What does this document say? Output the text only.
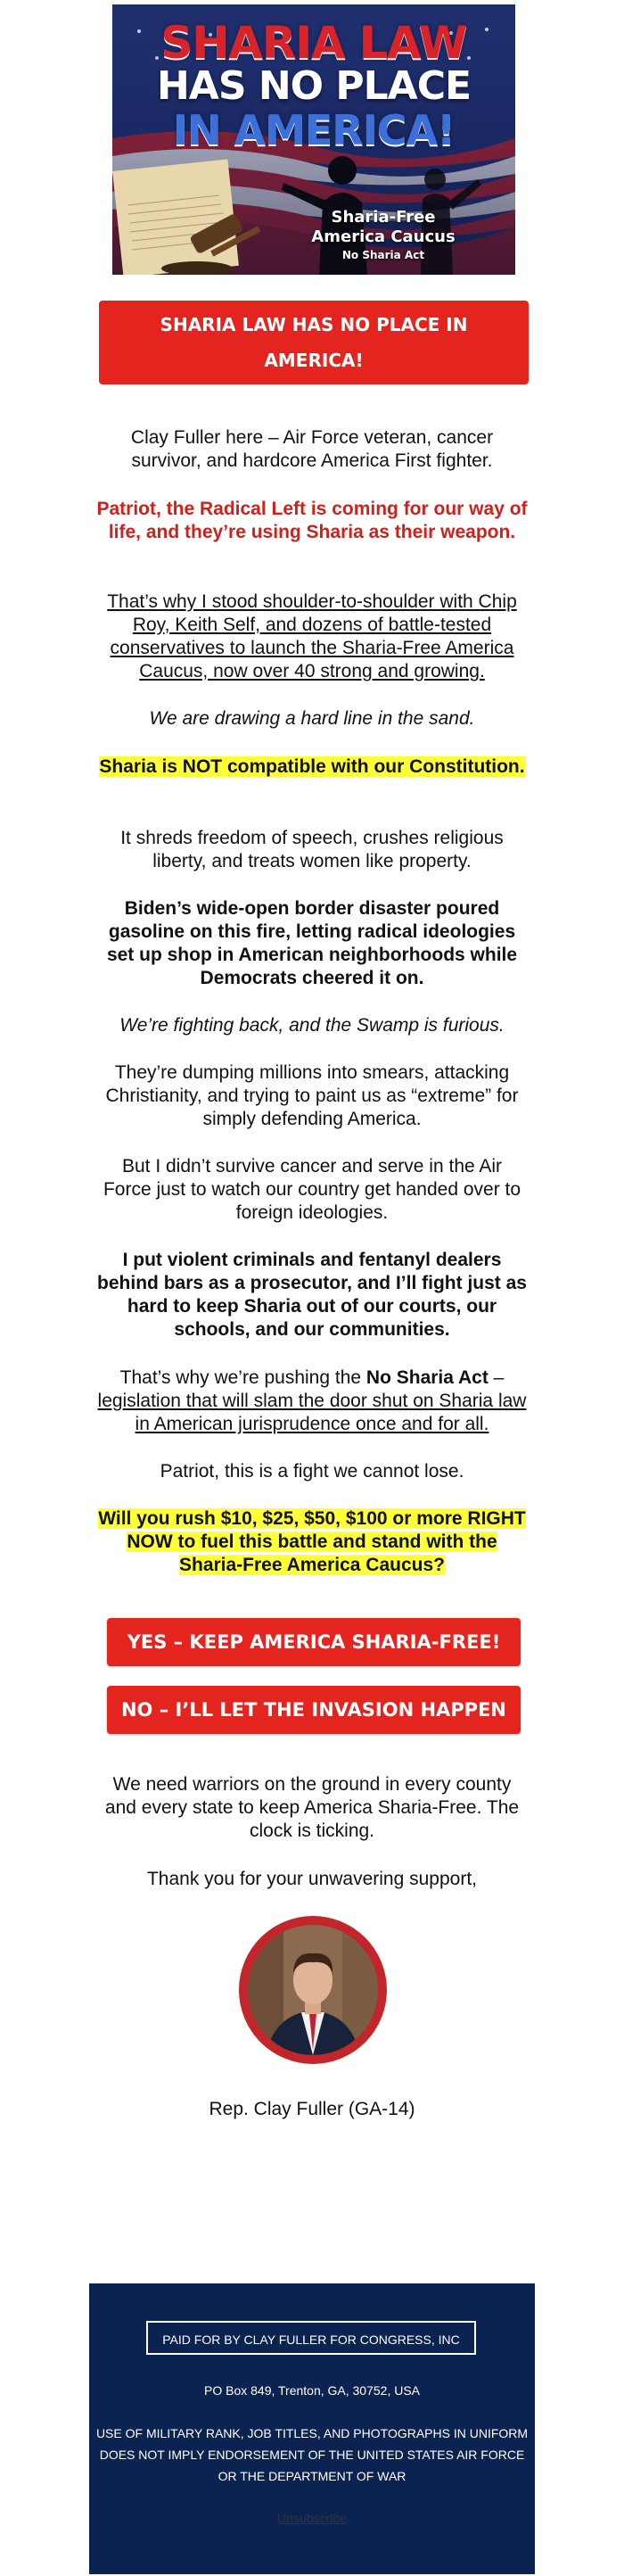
SHARIA LAW
HAS NO PLACE
IN AMERICA!
Sharia-Free
America Caucus
No Sharia Act
SHARIA LAW HAS NO PLACE IN AMERICA!
Clay Fuller here – Air Force veteran, cancer survivor, and hardcore America First fighter.
Patriot, the Radical Left is coming for our way of life, and they’re using Sharia as their weapon.
That’s why I stood shoulder-to-shoulder with Chip Roy, Keith Self, and dozens of battle-tested conservatives to launch the Sharia-Free America Caucus, now over 40 strong and growing.
We are drawing a hard line in the sand.
Sharia is NOT compatible with our Constitution.
It shreds freedom of speech, crushes religious liberty, and treats women like property.
Biden’s wide-open border disaster poured gasoline on this fire, letting radical ideologies set up shop in American neighborhoods while Democrats cheered it on.
We’re fighting back, and the Swamp is furious.
They’re dumping millions into smears, attacking Christianity, and trying to paint us as “extreme” for simply defending America.
But I didn’t survive cancer and serve in the Air Force just to watch our country get handed over to foreign ideologies.
I put violent criminals and fentanyl dealers behind bars as a prosecutor, and I’ll fight just as hard to keep Sharia out of our courts, our schools, and our communities.
That’s why we’re pushing the No Sharia Act – legislation that will slam the door shut on Sharia law in American jurisprudence once and for all.
Patriot, this is a fight we cannot lose.
Will you rush $10, $25, $50, $100 or more RIGHT NOW to fuel this battle and stand with the Sharia-Free America Caucus?
YES – KEEP AMERICA SHARIA-FREE!
NO – I’LL LET THE INVASION HAPPEN
We need warriors on the ground in every county and every state to keep America Sharia-Free. The clock is ticking.
Thank you for your unwavering support,
Rep. Clay Fuller (GA-14)
PAID FOR BY CLAY FULLER FOR CONGRESS, INC
PO Box 849, Trenton, GA, 30752, USA
USE OF MILITARY RANK, JOB TITLES, AND PHOTOGRAPHS IN UNIFORM DOES NOT IMPLY ENDORSEMENT OF THE UNITED STATES AIR FORCE OR THE DEPARTMENT OF WAR
Unsubscribe
